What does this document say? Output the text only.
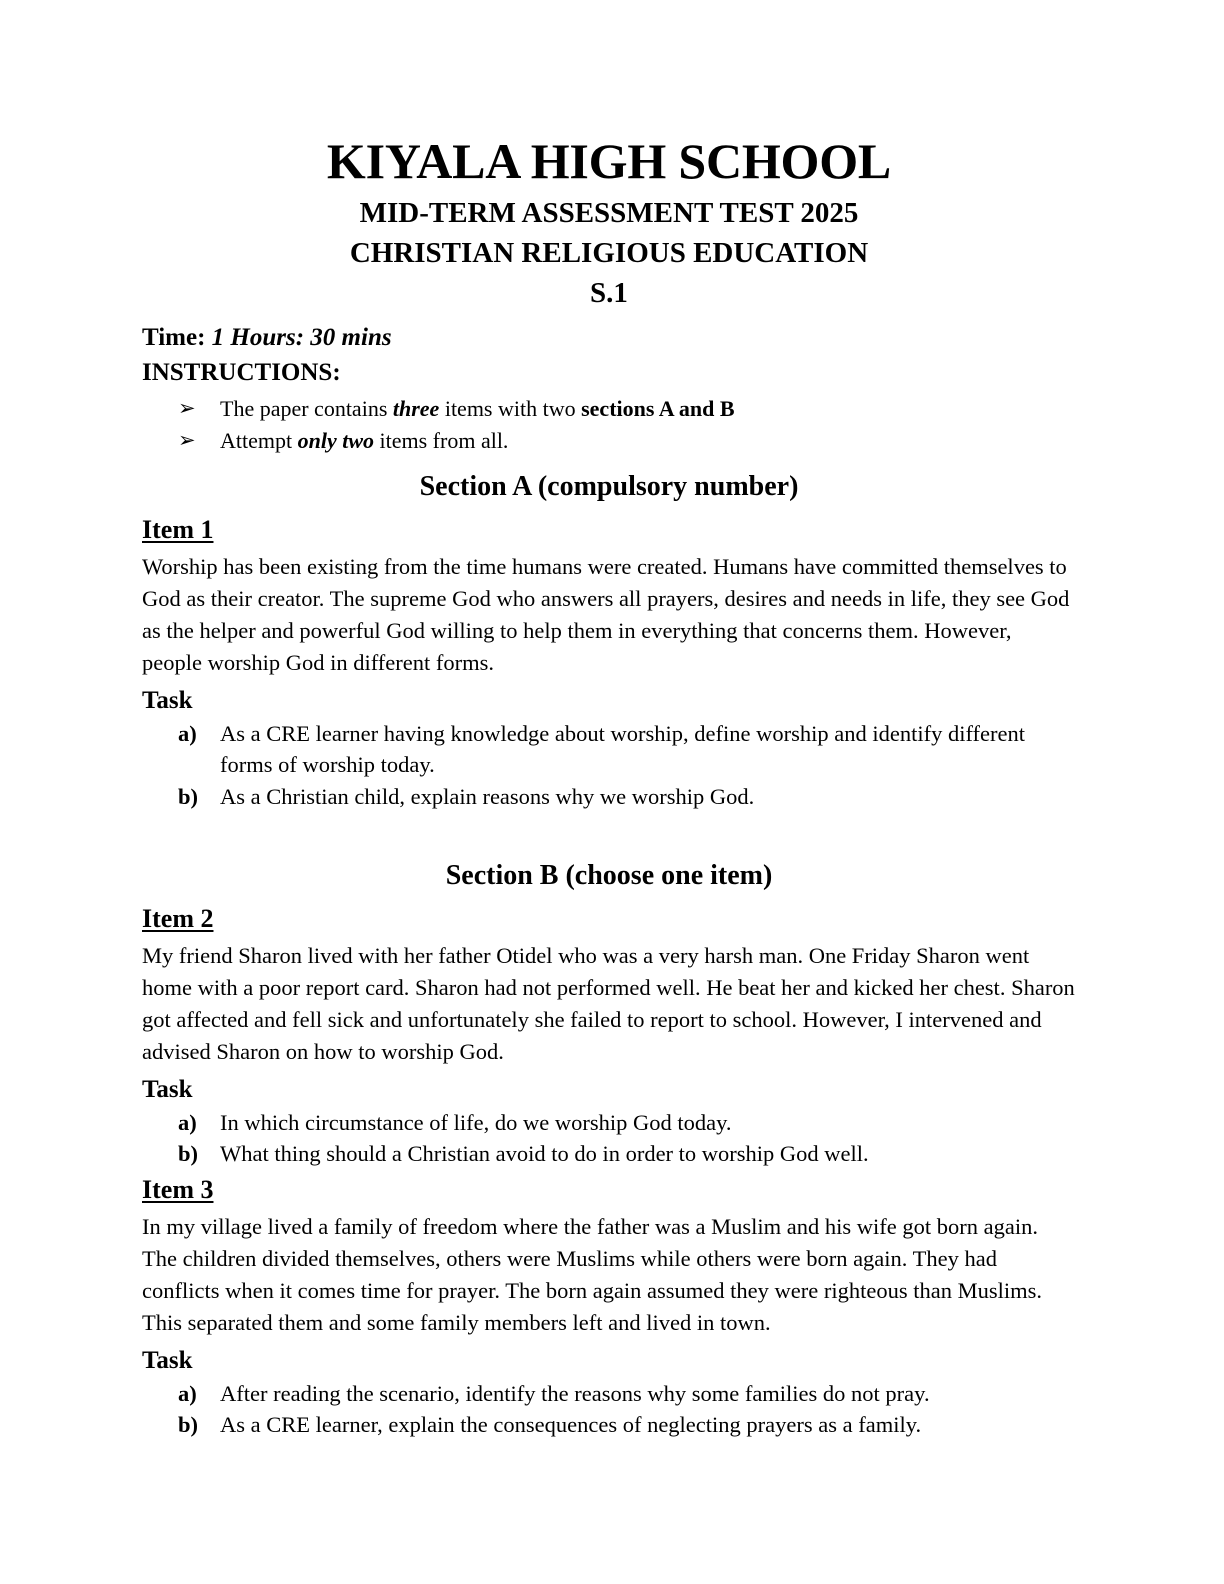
KIYALA HIGH SCHOOL
MID-TERM ASSESSMENT TEST 2025
CHRISTIAN RELIGIOUS EDUCATION
S.1

Time: 1 Hours: 30 mins

INSTRUCTIONS:

➢ The paper contains three items with two sections A and B
➢ Attempt only two items from all.
Section A (compulsory number)
Item 1

Worship has been existing from the time humans were created. Humans have committed themselves to God as their creator. The supreme God who answers all prayers, desires and needs in life, they see God as the helper and powerful God willing to help them in everything that concerns them. However, people worship God in different forms.

Task

a) As a CRE learner having knowledge about worship, define worship and identify different forms of worship today.
b) As a Christian child, explain reasons why we worship God.
Section B (choose one item)
Item 2

My friend Sharon lived with her father Otidel who was a very harsh man. One Friday Sharon went home with a poor report card. Sharon had not performed well. He beat her and kicked her chest. Sharon got affected and fell sick and unfortunately she failed to report to school. However, I intervened and advised Sharon on how to worship God.

Task

a) In which circumstance of life, do we worship God today.
b) What thing should a Christian avoid to do in order to worship God well.
Item 3

In my village lived a family of freedom where the father was a Muslim and his wife got born again. The children divided themselves, others were Muslims while others were born again. They had conflicts when it comes time for prayer. The born again assumed they were righteous than Muslims. This separated them and some family members left and lived in town.

Task

a) After reading the scenario, identify the reasons why some families do not pray.
b) As a CRE learner, explain the consequences of neglecting prayers as a family.
